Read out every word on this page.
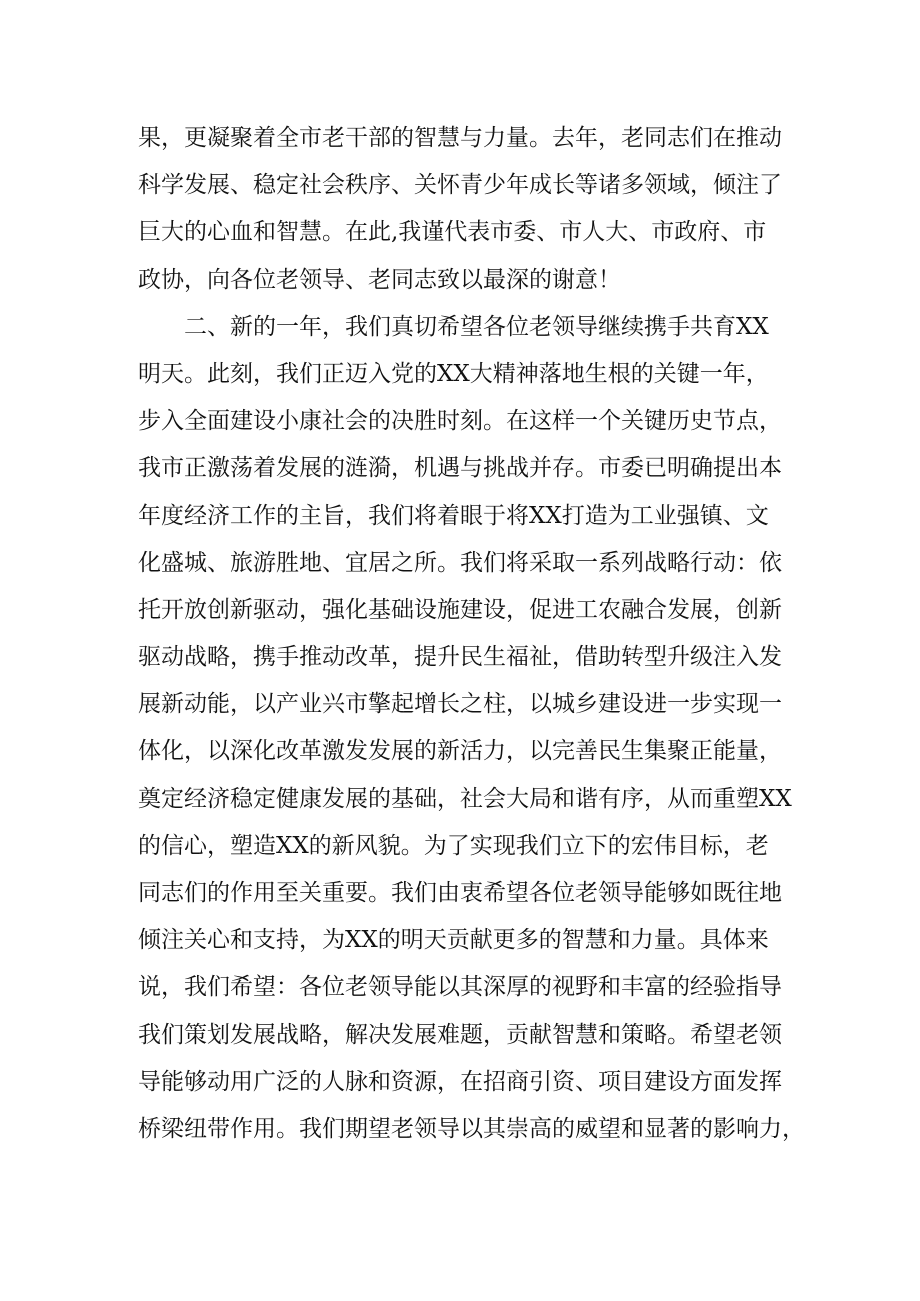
果，更凝聚着全市老干部的智慧与力量。去年，老同志们在推动
科学发展、稳定社会秩序、关怀青少年成长等诸多领域，倾注了
巨大的心血和智慧。在此,我谨代表市委、市人大、市政府、市
政协，向各位老领导、老同志致以最深的谢意！
二、新的一年，我们真切希望各位老领导继续携手共育XX
明天。此刻，我们正迈入党的XX大精神落地生根的关键一年，
步入全面建设小康社会的决胜时刻。在这样一个关键历史节点，
我市正激荡着发展的涟漪，机遇与挑战并存。市委已明确提出本
年度经济工作的主旨，我们将着眼于将XX打造为工业强镇、文
化盛城、旅游胜地、宜居之所。我们将采取一系列战略行动：依
托开放创新驱动，强化基础设施建设，促进工农融合发展，创新
驱动战略，携手推动改革，提升民生福祉，借助转型升级注入发
展新动能，以产业兴市擎起增长之柱，以城乡建设进一步实现一
体化，以深化改革激发发展的新活力，以完善民生集聚正能量，
奠定经济稳定健康发展的基础，社会大局和谐有序，从而重塑XX
的信心，塑造XX的新风貌。为了实现我们立下的宏伟目标，老
同志们的作用至关重要。我们由衷希望各位老领导能够如既往地
倾注关心和支持，为XX的明天贡献更多的智慧和力量。具体来
说，我们希望：各位老领导能以其深厚的视野和丰富的经验指导
我们策划发展战略，解决发展难题，贡献智慧和策略。希望老领
导能够动用广泛的人脉和资源，在招商引资、项目建设方面发挥
桥梁纽带作用。我们期望老领导以其崇高的威望和显著的影响力，
